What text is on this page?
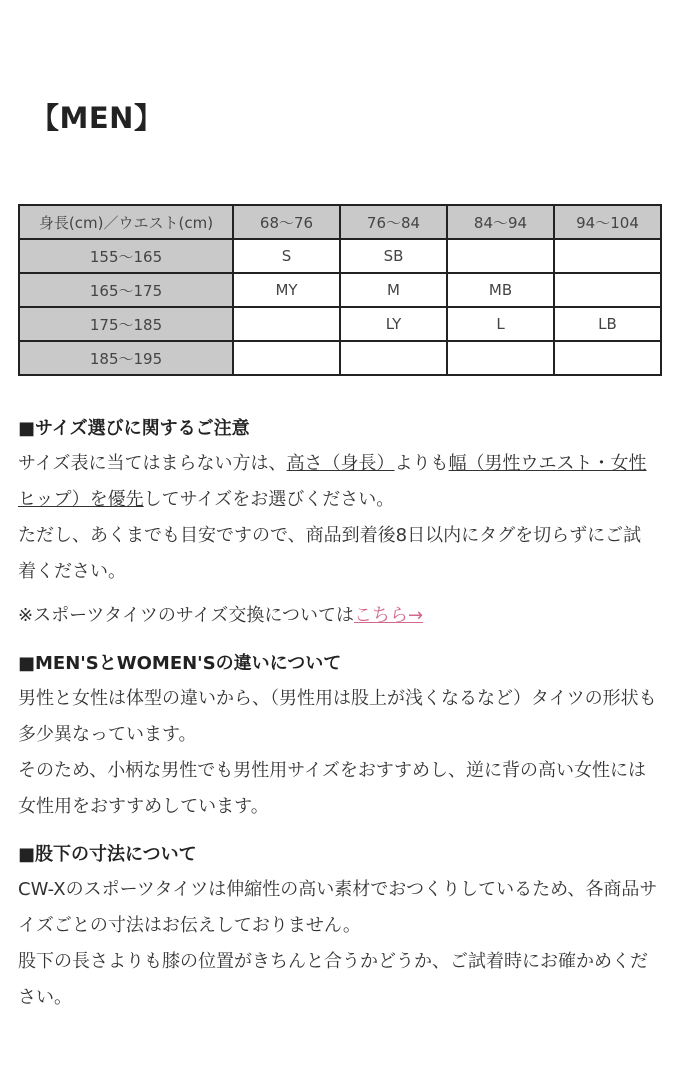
【MEN】
身長(cm)／ウエスト(cm)	68〜76	76〜84	84〜94	94〜104
155〜165	S	SB		
165〜175	MY	M	MB	
175〜185		LY	L	LB
185〜195				

■サイズ選びに関するご注意

サイズ表に当てはまらない方は、高さ（身長）よりも幅（男性ウエスト・女性ヒップ）を優先してサイズをお選びください。

ただし、あくまでも目安ですので、商品到着後8日以内にタグを切らずにご試着ください。

※スポーツタイツのサイズ交換についてはこちら→

■MEN'SとWOMEN'Sの違いについて

男性と女性は体型の違いから、（男性用は股上が浅くなるなど）タイツの形状も多少異なっています。

そのため、小柄な男性でも男性用サイズをおすすめし、逆に背の高い女性には女性用をおすすめしています。

■股下の寸法について

CW-Xのスポーツタイツは伸縮性の高い素材でおつくりしているため、各商品サイズごとの寸法はお伝えしておりません。

股下の長さよりも膝の位置がきちんと合うかどうか、ご試着時にお確かめください。
